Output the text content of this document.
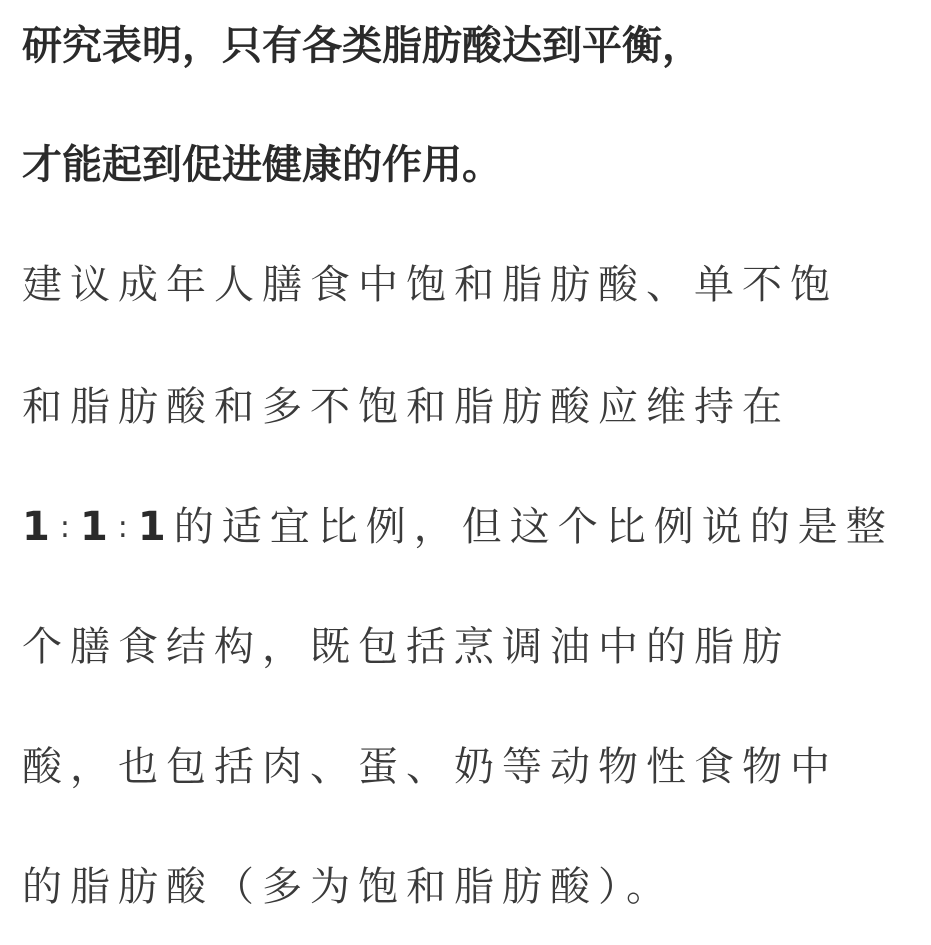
研究表明，只有各类脂肪酸达到平衡，
才能起到促进健康的作用。
建议成年人膳食中饱和脂肪酸、单不饱
和脂肪酸和多不饱和脂肪酸应维持在
1:1:1的适宜比例，但这个比例说的是整
个膳食结构，既包括烹调油中的脂肪
酸，也包括肉、蛋、奶等动物性食物中
的脂肪酸（多为饱和脂肪酸）。
